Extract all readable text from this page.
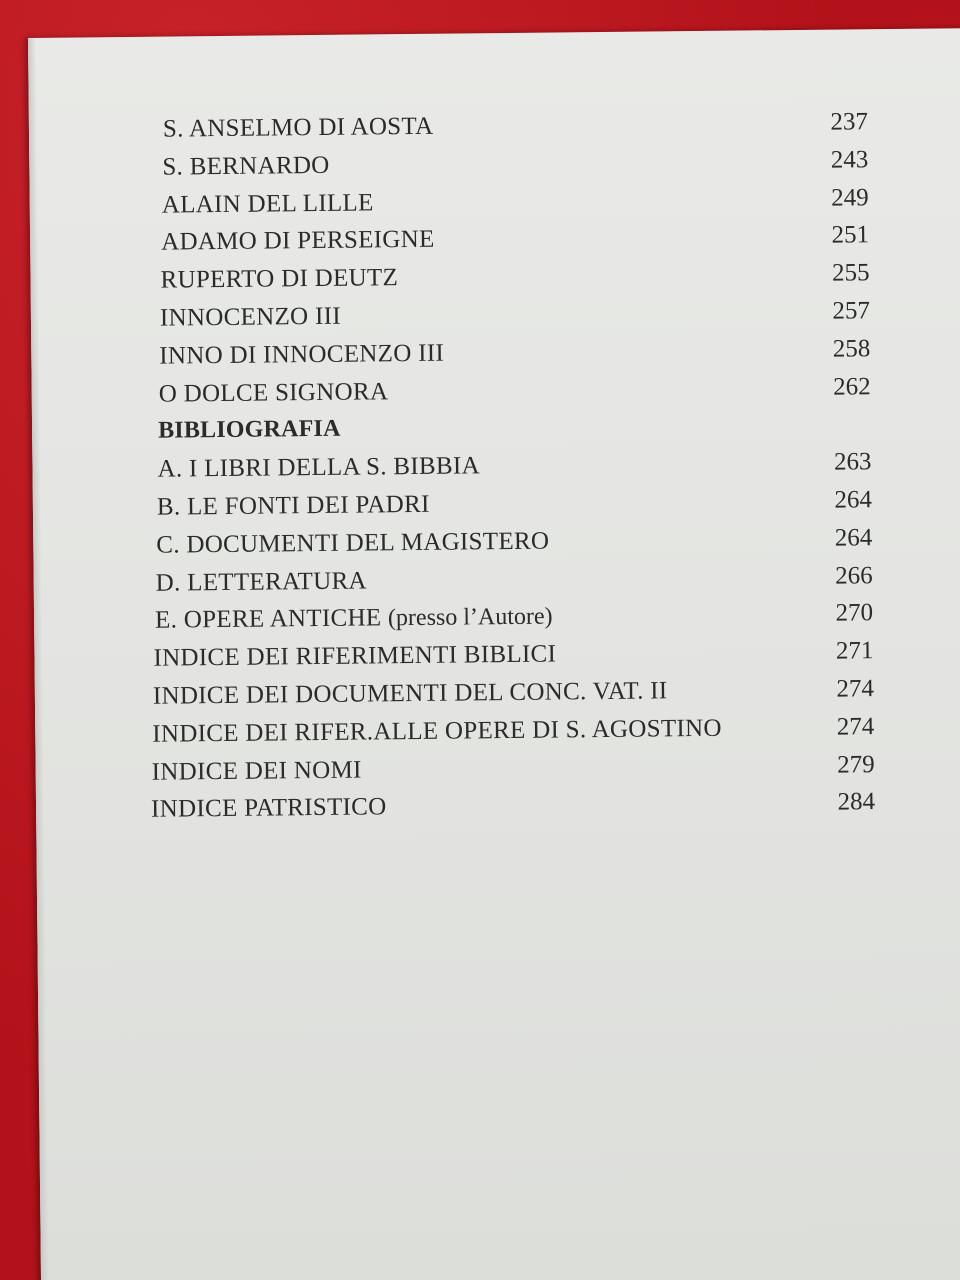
S. ANSELMO DI AOSTA	237
S. BERNARDO	243
ALAIN DEL LILLE	249
ADAMO DI PERSEIGNE	251
RUPERTO DI DEUTZ	255
INNOCENZO III	257
INNO DI INNOCENZO III	258
O DOLCE SIGNORA	262
BIBLIOGRAFIA
A. I LIBRI DELLA S. BIBBIA	263
B. LE FONTI DEI PADRI	264
C. DOCUMENTI DEL MAGISTERO	264
D. LETTERATURA	266
E. OPERE ANTICHE (presso l’Autore)	270
INDICE DEI RIFERIMENTI BIBLICI	271
INDICE DEI DOCUMENTI DEL CONC. VAT. II	274
INDICE DEI RIFER.ALLE OPERE DI S. AGOSTINO	274
INDICE DEI NOMI	279
INDICE PATRISTICO	284
